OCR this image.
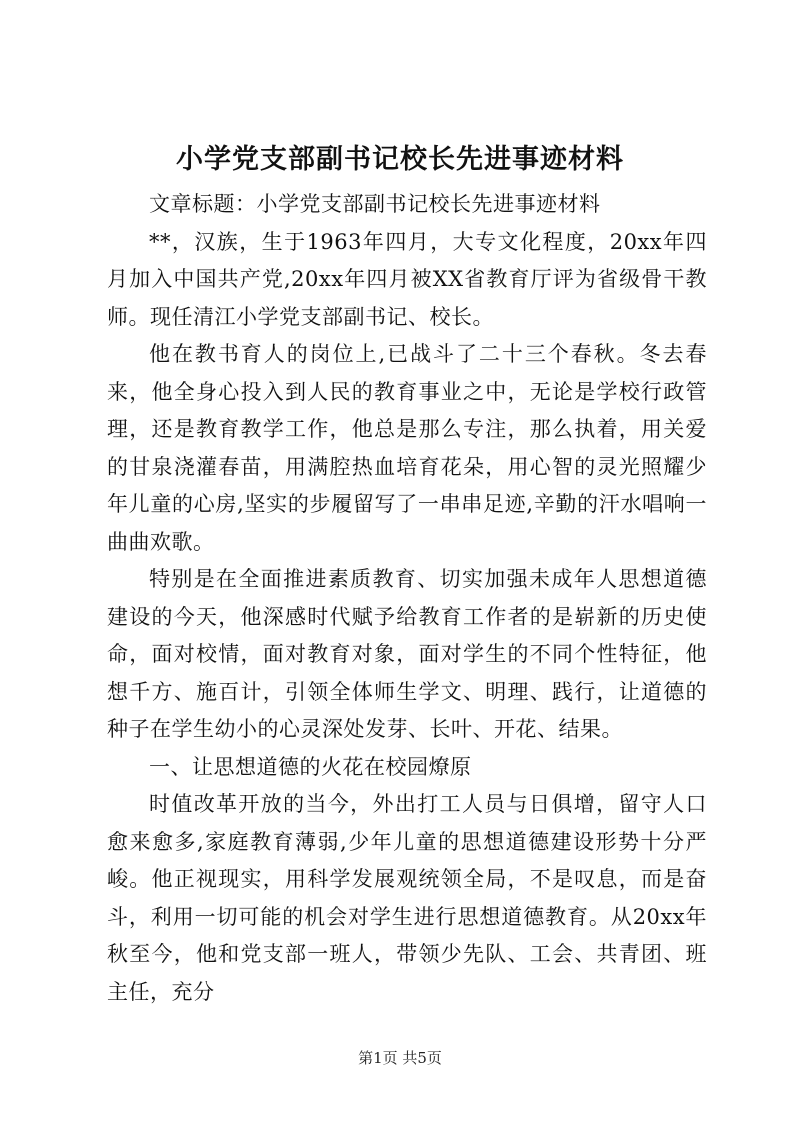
小学党支部副书记校长先进事迹材料

文章标题：小学党支部副书记校长先进事迹材料

**，汉族，生于1963年四月，大专文化程度，20xx年四月加入中国共产党,20xx年四月被XX省教育厅评为省级骨干教师。现任清江小学党支部副书记、校长。

他在教书育人的岗位上,已战斗了二十三个春秋。冬去春来，他全身心投入到人民的教育事业之中，无论是学校行政管理，还是教育教学工作，他总是那么专注，那么执着，用关爱的甘泉浇灌春苗，用满腔热血培育花朵，用心智的灵光照耀少年儿童的心房,坚实的步履留写了一串串足迹,辛勤的汗水唱响一曲曲欢歌。

特别是在全面推进素质教育、切实加强未成年人思想道德建设的今天，他深感时代赋予给教育工作者的是崭新的历史使命，面对校情，面对教育对象，面对学生的不同个性特征，他想千方、施百计，引领全体师生学文、明理、践行，让道德的种子在学生幼小的心灵深处发芽、长叶、开花、结果。

一、让思想道德的火花在校园燎原

时值改革开放的当今，外出打工人员与日俱增，留守人口愈来愈多,家庭教育薄弱,少年儿童的思想道德建设形势十分严峻。他正视现实，用科学发展观统领全局，不是叹息，而是奋斗，利用一切可能的机会对学生进行思想道德教育。从20xx年秋至今，他和党支部一班人，带领少先队、工会、共青团、班主任，充分

第1页 共5页
